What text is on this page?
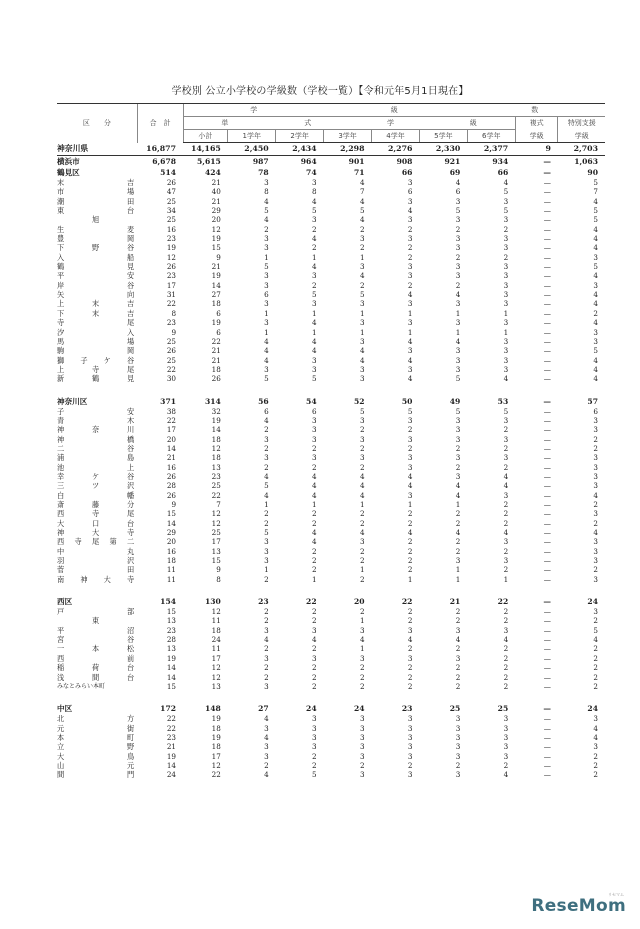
学校別 公立小学校の学級数（学校一覧）【令和元年5月1日現在】
区　　分	合　計	学 級 数								

		単 式 学 級							複式	特別支援
		小計	1学年	2学年	3学年	4学年	5学年	6学年	学級	学級
神奈川県	16,877	14,165	2,450	2,434	2,298	2,276	2,330	2,377	9	2,703
横浜市	6,678	5,615	987	964	901	908	921	934	—	1,063
鶴見区	514	424	78	74	71	66	69	66	—	90
末吉	26	21	3	3	4	3	4	4	—	5
市場	47	40	8	8	7	6	6	5	—	7
潮田	25	21	4	4	4	3	3	3	—	4
東台	34	29	5	5	5	4	5	5	—	5
旭	25	20	4	3	4	3	3	3	—	5
生麦	16	12	2	2	2	2	2	2	—	4
豊岡	23	19	3	4	3	3	3	3	—	4
下野谷	19	15	3	2	2	2	3	3	—	4
入船	12	9	1	1	1	2	2	2	—	3
鶴見	26	21	5	4	3	3	3	3	—	5
平安	23	19	3	3	4	3	3	3	—	4
岸谷	17	14	3	2	2	2	2	3	—	3
矢向	31	27	6	5	5	4	4	3	—	4
上末吉	22	18	3	3	3	3	3	3	—	4
下末吉	8	6	1	1	1	1	1	1	—	2
寺尾	23	19	3	4	3	3	3	3	—	4
汐入	9	6	1	1	1	1	1	1	—	3
馬場	25	22	4	4	3	4	4	3	—	3
駒岡	26	21	4	4	4	3	3	3	—	5
獅子ケ谷	25	21	4	3	4	4	3	3	—	4
上寺尾	22	18	3	3	3	3	3	3	—	4
新鶴見	30	26	5	5	3	4	5	4	—	4

神奈川区	371	314	56	54	52	50	49	53	—	57
子安	38	32	6	6	5	5	5	5	—	6
青木	22	19	4	3	3	3	3	3	—	3
神奈川	17	14	2	3	2	2	3	2	—	3
神橋	20	18	3	3	3	3	3	3	—	2
二谷	14	12	2	2	2	2	2	2	—	2
浦島	21	18	3	3	3	3	3	3	—	3
池上	16	13	2	2	2	3	2	2	—	3
幸ケ谷	26	23	4	4	4	4	3	4	—	3
三ツ沢	28	25	5	4	4	4	4	4	—	3
白幡	26	22	4	4	4	3	4	3	—	4
斎藤分	9	7	1	1	1	1	1	2	—	2
西寺尾	15	12	2	2	2	2	2	2	—	3
大口台	14	12	2	2	2	2	2	2	—	2
神大寺	29	25	5	4	4	4	4	4	—	4
西寺尾第二	20	17	3	4	3	2	2	3	—	3
中丸	16	13	3	2	2	2	2	2	—	3
羽沢	18	15	3	2	2	2	3	3	—	3
菅田	11	9	1	2	1	2	1	2	—	2
南神大寺	11	8	2	1	2	1	1	1	—	3

西区	154	130	23	22	20	22	21	22	—	24
戸部	15	12	2	2	2	2	2	2	—	3
東	13	11	2	2	1	2	2	2	—	2
平沼	23	18	3	3	3	3	3	3	—	5
宮谷	28	24	4	4	4	4	4	4	—	4
一本松	13	11	2	2	1	2	2	2	—	2
西前	19	17	3	3	3	3	3	2	—	2
稲荷台	14	12	2	2	2	2	2	2	—	2
浅間台	14	12	2	2	2	2	2	2	—	2
みなとみらい本町	15	13	3	2	2	2	2	2	—	2

中区	172	148	27	24	24	23	25	25	—	24
北方	22	19	4	3	3	3	3	3	—	3
元街	22	18	3	3	3	3	3	3	—	4
本町	23	19	4	3	3	3	3	3	—	4
立野	21	18	3	3	3	3	3	3	—	3
大鳥	19	17	3	2	3	3	3	3	—	2
山元	14	12	2	2	2	2	2	2	—	2
間門	24	22	4	5	3	3	3	4	—	2
リセマム
ReseMom
